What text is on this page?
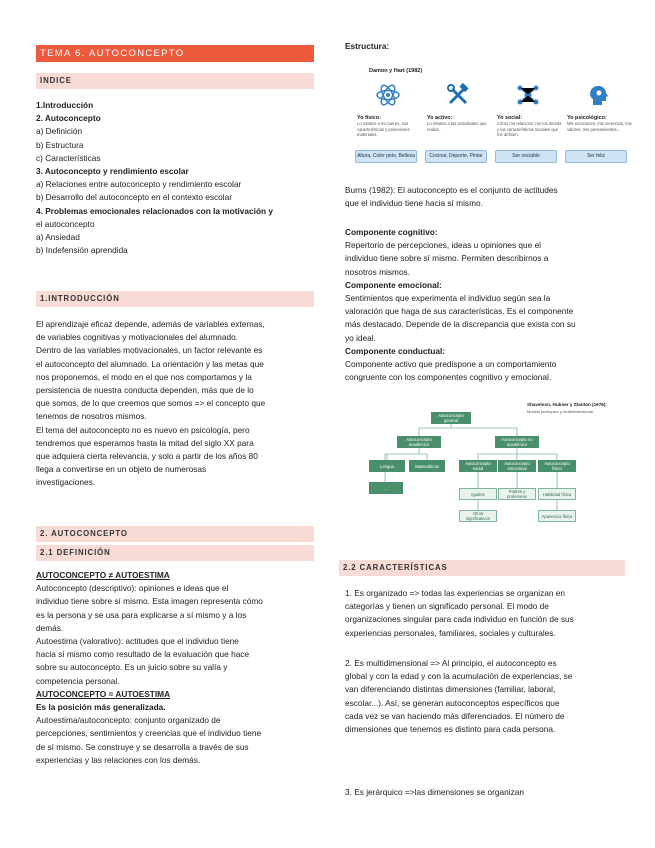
TEMA 6. AUTOCONCEPTO
INDICE
1.Introducción
2. Autoconcepto
a) Definición
b) Estructura
c) Características
3. Autoconcepto y rendimiento escolar
a) Relaciones entre autoconcepto y rendimiento escolar
b) Desarrollo del autoconcepto en el contexto escolar
4. Problemas emocionales relacionados con la motivación y
el autoconcepto
a) Ansiedad
b) Indefensión aprendida
1.INTRODUCCIÓN
El aprendizaje eficaz depende, además de variables externas,
de variables cognitivas y motivacionales del alumnado.
Dentro de las variables motivacionales, un factor relevante es
el autoconcepto del alumnado. La orientación y las metas que
nos proponemos, el modo en el que nos comportamos y la
persistencia de nuestra conducta dependen, más que de lo
que somos, de lo que creemos que somos => el concepto que
tenemos de nosotros mismos.
El tema del autoconcepto no es nuevo en psicología, pero
tendremos que esperamos hasta la mitad del siglo XX para
que adquiera cierta relevancia, y solo a partir de los años 80
llega a convertirse en un objeto de numerosas
investigaciones.
2. AUTOCONCEPTO
2.1 DEFINICIÓN
AUTOCONCEPTO ≠ AUTOESTIMA
Autoconcepto (descriptivo): opiniones e ideas que el
individuo tiene sobre sí mismo. Esta imagen representa cómo
es la persona y se usa para explicarse a sí mismo y a los
demás.
Autoestima (valorativo): actitudes que el individuo tiene
hacia sí mismo como resultado de la evaluación que hace
sobre su autoconcepto. Es un juicio sobre su valía y
competencia personal.
AUTOCONCEPTO = AUTOESTIMA
Es la posición más generalizada.
Autoestima/autoconcepto: conjunto organizado de
percepciones, sentimientos y creencias que el individuo tiene
de sí mismo. Se construye y se desarrolla a través de sus
experiencias y las relaciones con los demás.
Estructura:
Damon y Hart (1982)
Yo físico:
Lo relativo a mi cuerpo, sus características y posesiones materiales.
Yo activo:
Lo relativo a las actividades que realizo.
Yo social:
Cómo me relaciono con los demás y las características sociales que me definen.
Yo psicológico:
Mis emociones, mis creencias, mis valores, mis pensamientos...
Altura, Color pelo, Belleza	Cocinar, Deporte, Pintar	Ser sociable	Ser feliz
Burns (1982): El autoconcepto es el conjunto de actitudes
que el individuo tiene hacia sí mismo.
Componente cognitivo:
Repertorio de percepciones, ideas u opiniones que el
individuo tiene sobre sí mismo. Permiten describirnos a
nosotros mismos.
Componente emocional:
Sentimientos que experimenta el individuo según sea la
valoración que haga de sus características. Es el componente
más destacado. Depende de la discrepancia que exista con su
yo ideal.
Componente conductual:
Componente activo que predispone a un comportamiento
congruente con los componentes cognitivo y emocional.
Autoconcepto general
Autoconcepto académico
Autoconcepto no académico
Lengua	Matemáticas
...
Autoconcepto social
Autoconcepto emocional
Autoconcepto físico
Iguales	Padres y profesores	Habilidad física
Otros significativos	Apariencia física
Shavelson, Hubner y Stanton (1976):
Modelo jerárquico y multidimensional
2.2 CARACTERÍSTICAS
1. Es organizado => todas las experiencias se organizan en
categorías y tienen un significado personal. El modo de
organizaciones singular para cada individuo en función de sus
experiencias personales, familiares, sociales y culturales.
2. Es multidimensional => Al principio, el autoconcepto es
global y con la edad y con la acumulación de experiencias, se
van diferenciando distintas dimensiones (familiar, laboral,
escolar...). Así, se generan autoconceptos específicos que
cada vez se van haciendo más diferenciados. El número de
dimensiones que tenemos es distinto para cada persona.
3. Es jerárquico =>las dimensiones se organizan
